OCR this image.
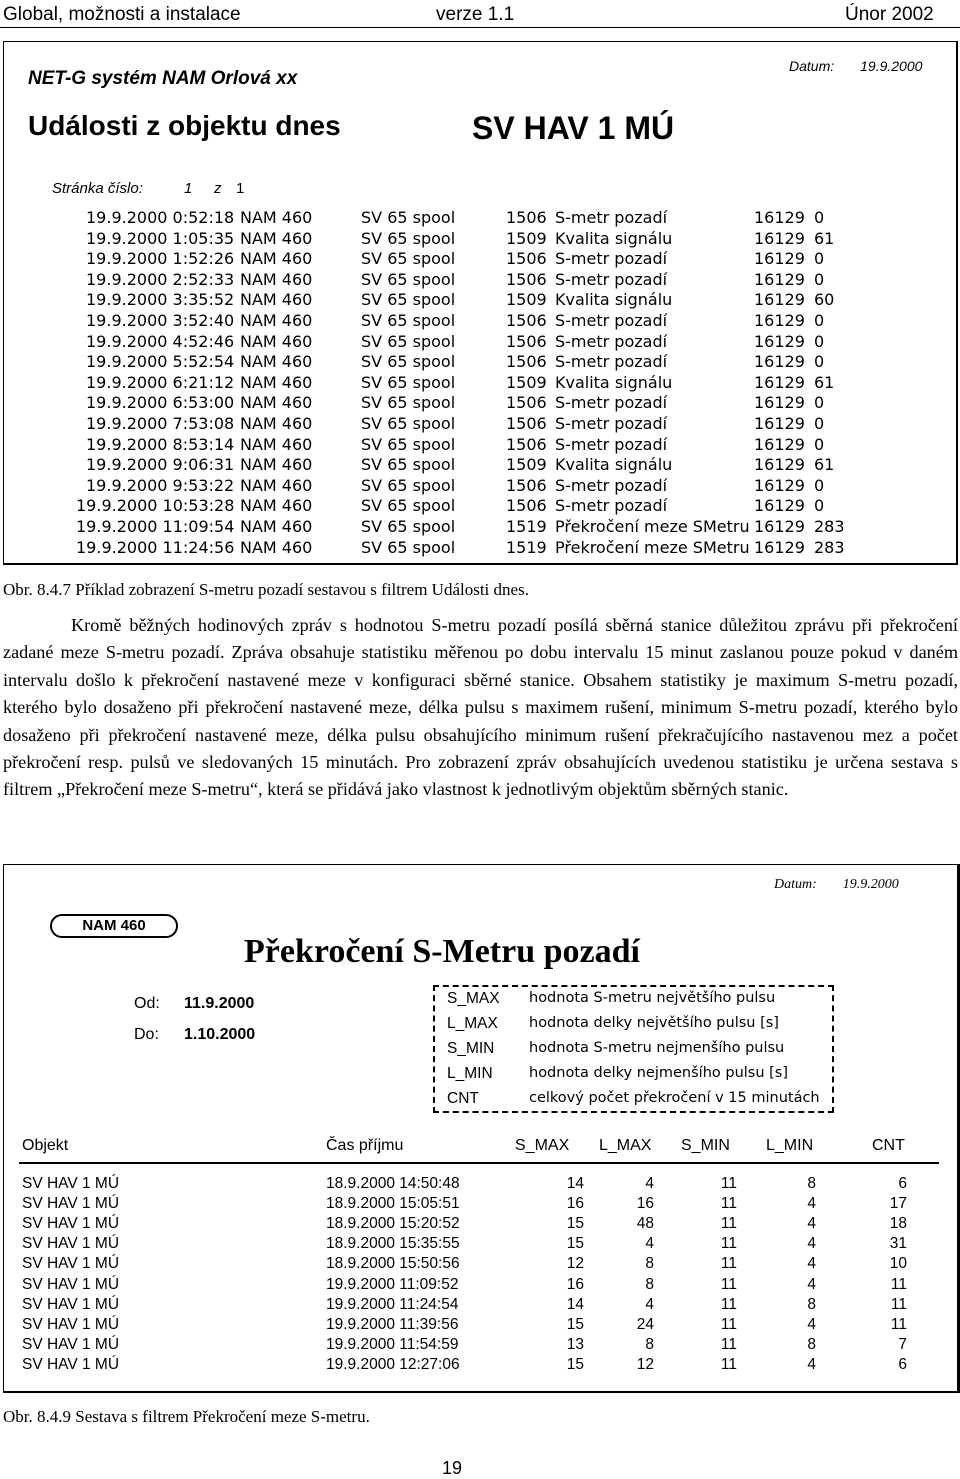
Global, možnosti a instalace	verze 1.1	Únor 2002
NET-G systém NAM Orlová xx
Datum: 19.9.2000
Události z objektu dnes	SV HAV 1 MÚ
Stránka číslo:	1 z 1
19.9.2000 0:52:18 NAM 460	SV 65 spool	1506 S-metr pozadí	16129 0
19.9.2000 1:05:35 NAM 460	SV 65 spool	1509 Kvalita signálu	16129 61
19.9.2000 1:52:26 NAM 460	SV 65 spool	1506 S-metr pozadí	16129 0
19.9.2000 2:52:33 NAM 460	SV 65 spool	1506 S-metr pozadí	16129 0
19.9.2000 3:35:52 NAM 460	SV 65 spool	1509 Kvalita signálu	16129 60
19.9.2000 3:52:40 NAM 460	SV 65 spool	1506 S-metr pozadí	16129 0
19.9.2000 4:52:46 NAM 460	SV 65 spool	1506 S-metr pozadí	16129 0
19.9.2000 5:52:54 NAM 460	SV 65 spool	1506 S-metr pozadí	16129 0
19.9.2000 6:21:12 NAM 460	SV 65 spool	1509 Kvalita signálu	16129 61
19.9.2000 6:53:00 NAM 460	SV 65 spool	1506 S-metr pozadí	16129 0
19.9.2000 7:53:08 NAM 460	SV 65 spool	1506 S-metr pozadí	16129 0
19.9.2000 8:53:14 NAM 460	SV 65 spool	1506 S-metr pozadí	16129 0
19.9.2000 9:06:31 NAM 460	SV 65 spool	1509 Kvalita signálu	16129 61
19.9.2000 9:53:22 NAM 460	SV 65 spool	1506 S-metr pozadí	16129 0
19.9.2000 10:53:28 NAM 460	SV 65 spool	1506 S-metr pozadí	16129 0
19.9.2000 11:09:54 NAM 460	SV 65 spool	1519 Překročení meze SMetru 16129 283
19.9.2000 11:24:56 NAM 460	SV 65 spool	1519 Překročení meze SMetru 16129 283
Obr. 8.4.7 Příklad zobrazení S-metru pozadí sestavou s filtrem Události dnes.
Kromě běžných hodinových zpráv s hodnotou S-metru pozadí posílá sběrná stanice důležitou zprávu při překročení zadané meze S-metru pozadí. Zpráva obsahuje statistiku měřenou po dobu intervalu 15 minut zaslanou pouze pokud v daném intervalu došlo k překročení nastavené meze v konfiguraci sběrné stanice. Obsahem statistiky je maximum S-metru pozadí, kterého bylo dosaženo při překročení nastavené meze, délka pulsu s maximem rušení, minimum S-metru pozadí, kterého bylo dosaženo při překročení nastavené meze, délka pulsu obsahujícího minimum rušení překračujícího nastavenou mez a počet překročení resp. pulsů ve sledovaných 15 minutách. Pro zobrazení zpráv obsahujících uvedenou statistiku je určena sestava s filtrem „Překročení meze S-metru“, která se přidává jako vlastnost k jednotlivým objektům sběrných stanic.
Datum: 19.9.2000
NAM 460
Překročení S-Metru pozadí
Od: 11.9.2000
Do: 1.10.2000
S_MAX hodnota S-metru největšího pulsu
L_MAX hodnota delky největšího pulsu [s]
S_MIN hodnota S-metru nejmenšího pulsu
L_MIN	hodnota delky nejmenšího pulsu [s]
CNT	celkový počet překročení v 15 minutách
Objekt	Čas příjmu	S_MAX L_MAX S_MIN L_MIN	CNT
SV HAV 1 MÚ	18.9.2000 14:50:48	14	4	11	8	6
SV HAV 1 MÚ	18.9.2000 15:05:51	16	16	11	4	17
SV HAV 1 MÚ	18.9.2000 15:20:52	15	48	11	4	18
SV HAV 1 MÚ	18.9.2000 15:35:55	15	4	11	4	31
SV HAV 1 MÚ	18.9.2000 15:50:56	12	8	11	4	10
SV HAV 1 MÚ	19.9.2000 11:09:52	16	8	11	4	11
SV HAV 1 MÚ	19.9.2000 11:24:54	14	4	11	8	11
SV HAV 1 MÚ	19.9.2000 11:39:56	15	24	11	4	11
SV HAV 1 MÚ	19.9.2000 11:54:59	13	8	11	8	7
SV HAV 1 MÚ	19.9.2000 12:27:06	15	12	11	4	6
Obr. 8.4.9 Sestava s filtrem Překročení meze S-metru.
19
